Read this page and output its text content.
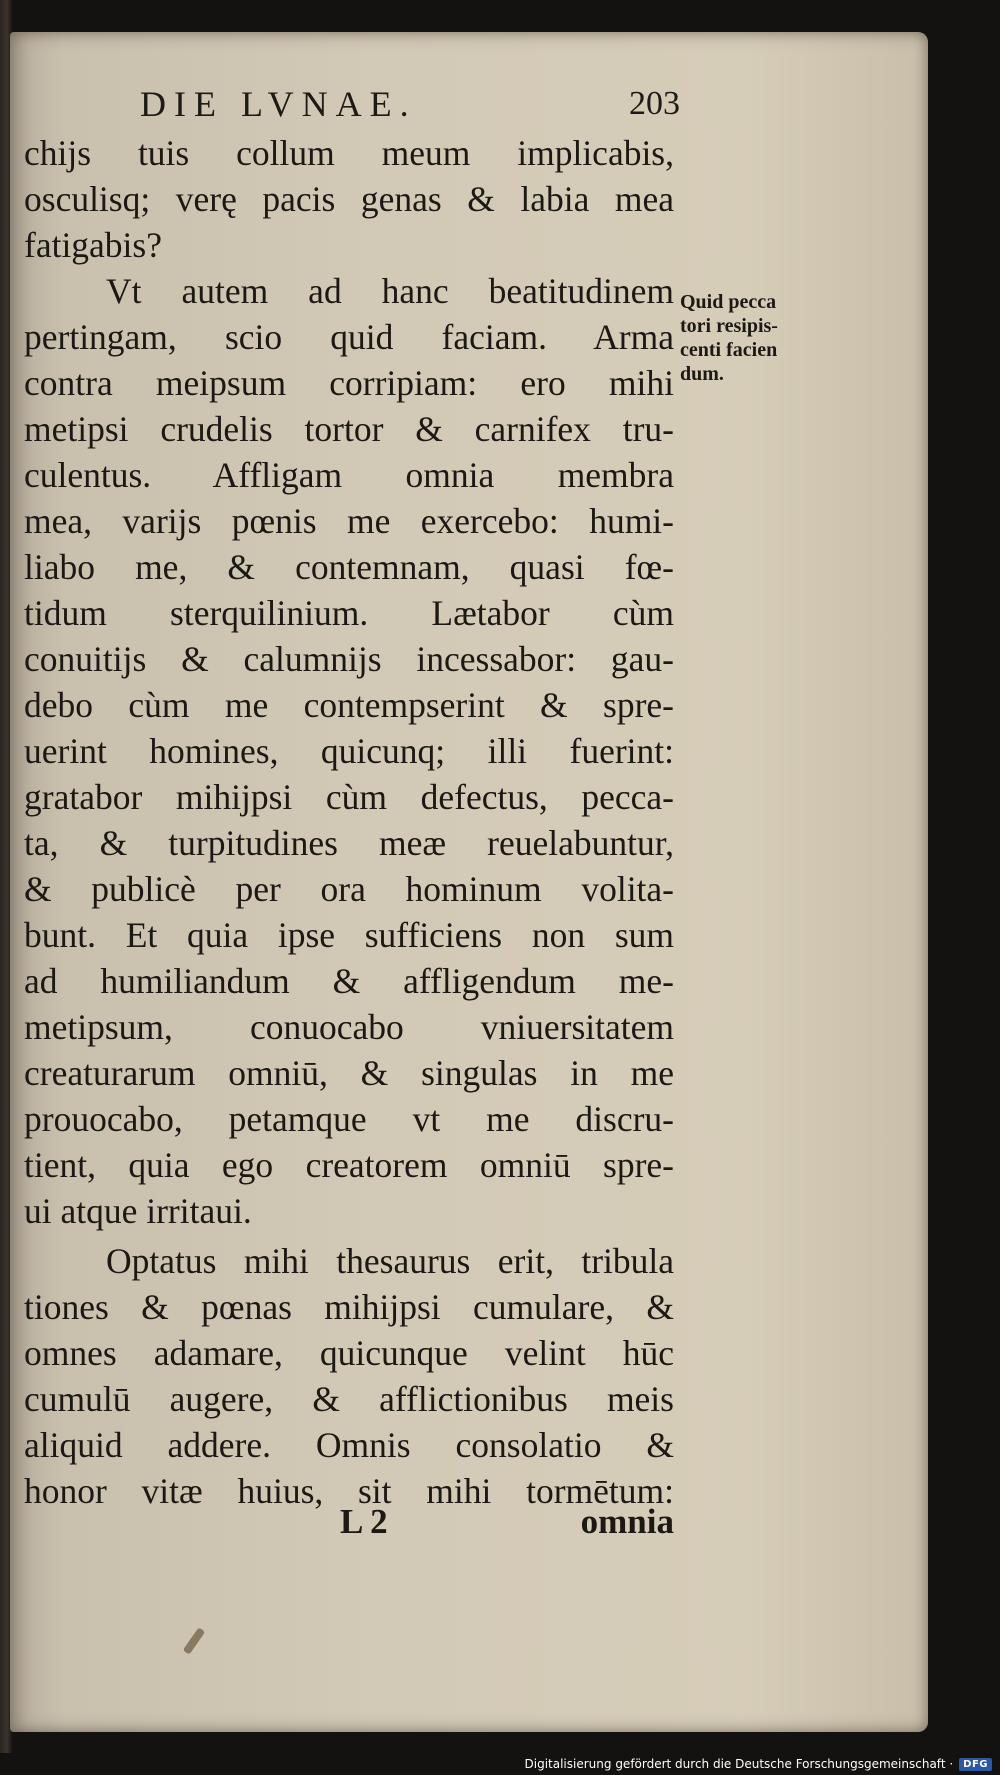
DIE LVNAE.	203
chijs tuis collum meum implicabis,
osculisq; verę pacis genas & labia mea
fatigabis?
Vt autem ad hanc beatitudinem
pertingam, scio quid faciam. Arma
contra meipsum corripiam: ero mihi
metipsi crudelis tortor & carnifex tru-
culentus. Affligam omnia membra
mea, varijs pœnis me exercebo: humi-
liabo me, & contemnam, quasi fœ-
tidum sterquilinium. Lætabor cùm
conuitijs & calumnijs incessabor: gau-
debo cùm me contempserint & spre-
uerint homines, quicunq; illi fuerint:
gratabor mihijpsi cùm defectus, pecca-
ta, & turpitudines meæ reuelabuntur,
& publicè per ora hominum volita-
bunt. Et quia ipse sufficiens non sum
ad humiliandum & affligendum me-
metipsum, conuocabo vniuersitatem
creaturarum omniū, & singulas in me
prouocabo, petamque vt me discru-
tient, quia ego creatorem omniū spre-
ui atque irritaui.
Optatus mihi thesaurus erit, tribula
tiones & pœnas mihijpsi cumulare, &
omnes adamare, quicunque velint hūc
cumulū augere, & afflictionibus meis
aliquid addere. Omnis consolatio &
honor vitæ huius, sit mihi tormētum:
Quid pecca
tori resipis-
centi facien
dum.
L 2	omnia
Digitalisierung gefördert durch die Deutsche Forschungsgemeinschaft ·	DFG
